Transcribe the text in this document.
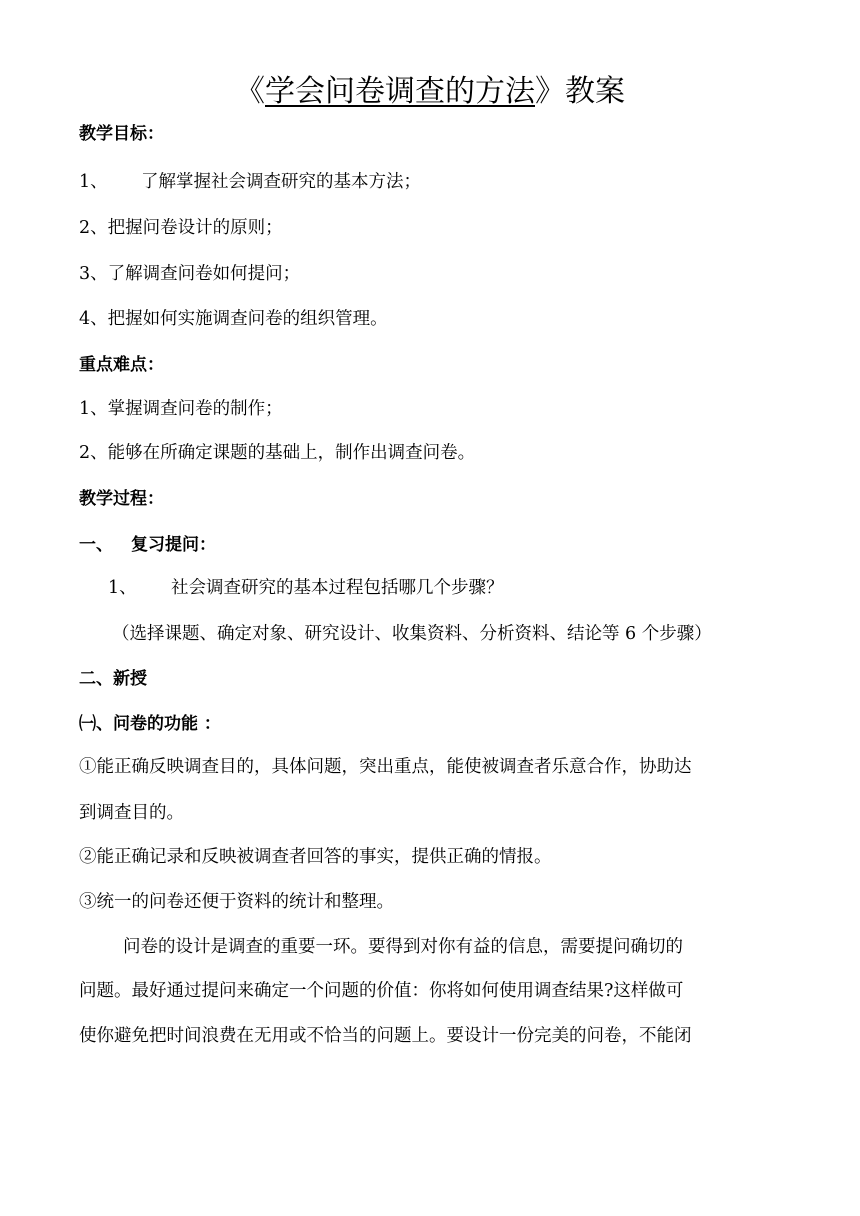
《学会问卷调查的方法》教案
教学目标：
1、 了解掌握社会调查研究的基本方法；
2、把握问卷设计的原则；
3、了解调查问卷如何提问；
4、把握如何实施调查问卷的组织管理。
重点难点：
1、掌握调查问卷的制作；
2、能够在所确定课题的基础上，制作出调查问卷。
教学过程：
一、 复习提问：
1、 社会调查研究的基本过程包括哪几个步骤？
（选择课题、确定对象、研究设计、收集资料、分析资料、结论等 6 个步骤）
二、新授
㈠、问卷的功能 ：
①能正确反映调查目的，具体问题，突出重点，能使被调查者乐意合作，协助达
到调查目的。
②能正确记录和反映被调查者回答的事实，提供正确的情报。
③统一的问卷还便于资料的统计和整理。
问卷的设计是调查的重要一环。要得到对你有益的信息，需要提问确切的
问题。最好通过提问来确定一个问题的价值：你将如何使用调查结果?这样做可
使你避免把时间浪费在无用或不恰当的问题上。要设计一份完美的问卷，不能闭
